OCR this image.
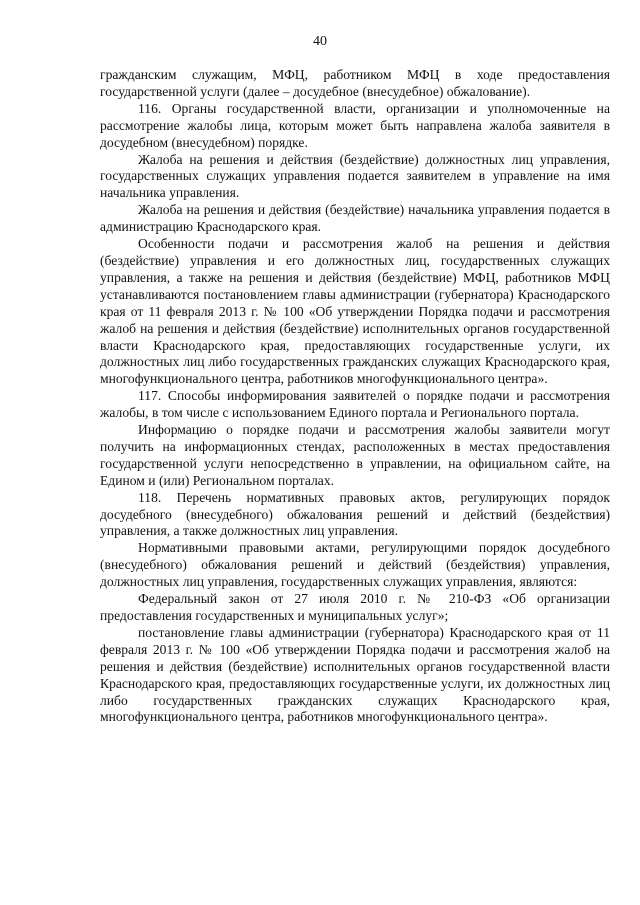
40

гражданским служащим, МФЦ, работником МФЦ в ходе предоставления государственной услуги (далее – досудебное (внесудебное) обжалование).

116. Органы государственной власти, организации и уполномоченные на рассмотрение жалобы лица, которым может быть направлена жалоба заявителя в досудебном (внесудебном) порядке.

Жалоба на решения и действия (бездействие) должностных лиц управления, государственных служащих управления подается заявителем в управление на имя начальника управления.

Жалоба на решения и действия (бездействие) начальника управления подается в администрацию Краснодарского края.

Особенности подачи и рассмотрения жалоб на решения и действия (бездействие) управления и его должностных лиц, государственных служащих управления, а также на решения и действия (бездействие) МФЦ, работников МФЦ устанавливаются постановлением главы администрации (губернатора) Краснодарского края от 11 февраля 2013 г. № 100 «Об утверждении Порядка подачи и рассмотрения жалоб на решения и действия (бездействие) исполнительных органов государственной власти Краснодарского края, предоставляющих государственные услуги, их должностных лиц либо государственных гражданских служащих Краснодарского края, многофункционального центра, работников многофункционального центра».

117. Способы информирования заявителей о порядке подачи и рассмотрения жалобы, в том числе с использованием Единого портала и Регионального портала.

Информацию о порядке подачи и рассмотрения жалобы заявители могут получить на информационных стендах, расположенных в местах предоставления государственной услуги непосредственно в управлении, на официальном сайте, на Едином и (или) Региональном порталах.

118. Перечень нормативных правовых актов, регулирующих порядок досудебного (внесудебного) обжалования решений и действий (бездействия) управления, а также должностных лиц управления.

Нормативными правовыми актами, регулирующими порядок досудебного (внесудебного) обжалования решений и действий (бездействия) управления, должностных лиц управления, государственных служащих управления, являются:

Федеральный закон от 27 июля 2010 г. № 210-ФЗ «Об организации предоставления государственных и муниципальных услуг»;

постановление главы администрации (губернатора) Краснодарского края от 11 февраля 2013 г. № 100 «Об утверждении Порядка подачи и рассмотрения жалоб на решения и действия (бездействие) исполнительных органов государственной власти Краснодарского края, предоставляющих государственные услуги, их должностных лиц либо государственных гражданских служащих Краснодарского края, многофункционального центра, работников многофункционального центра».
